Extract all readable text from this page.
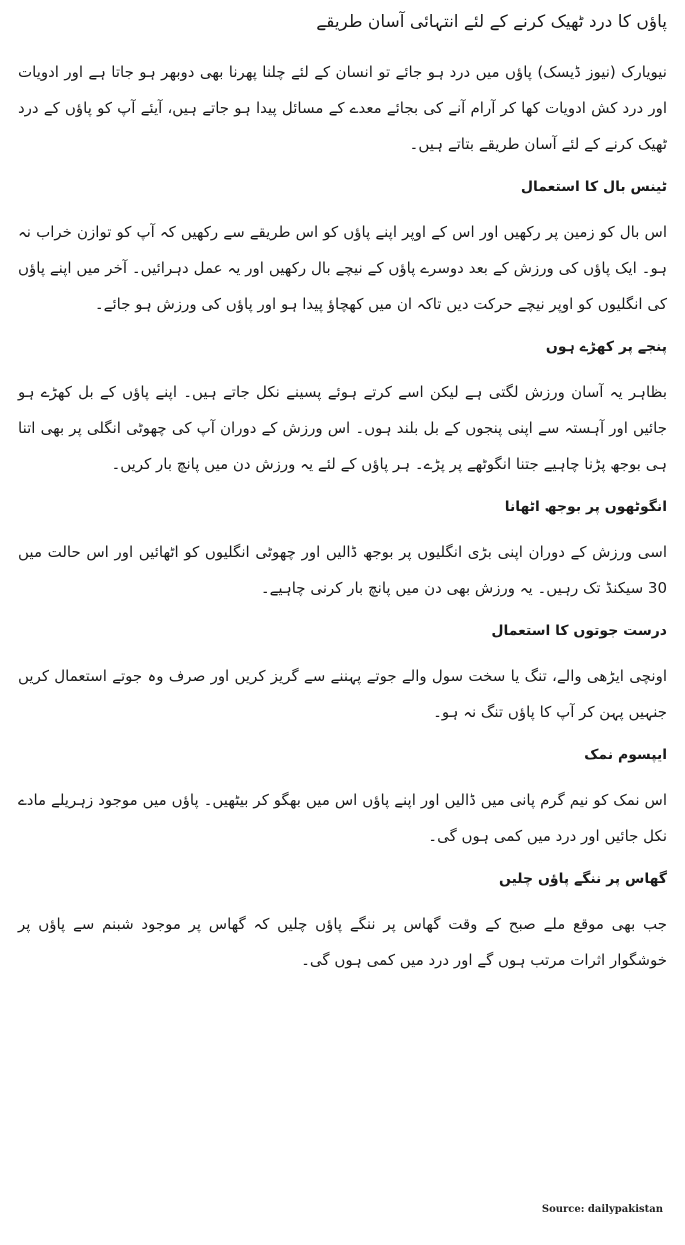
پاؤں کا درد ٹھیک کرنے کے لئے انتہائی آسان طریقے

نیویارک (نیوز ڈیسک) پاؤں میں درد ہو جائے تو انسان کے لئے چلنا پھرنا بھی دوبھر ہو جاتا ہے اور ادویات اور درد کش ادویات کھا کر آرام آنے کی بجائے معدے کے مسائل پیدا ہو جاتے ہیں، آیئے آپ کو پاؤں کے درد ٹھیک کرنے کے لئے آسان طریقے بتاتے ہیں۔

ٹینس بال کا استعمال

اس بال کو زمین پر رکھیں اور اس کے اوپر اپنے پاؤں کو اس طریقے سے رکھیں کہ آپ کو توازن خراب نہ ہو۔ ایک پاؤں کی ورزش کے بعد دوسرے پاؤں کے نیچے بال رکھیں اور یہ عمل دہرائیں۔ آخر میں اپنے پاؤں کی انگلیوں کو اوپر نیچے حرکت دیں تاکہ ان میں کھچاؤ پیدا ہو اور پاؤں کی ورزش ہو جائے۔

پنجے پر کھڑے ہوں

بظاہر یہ آسان ورزش لگتی ہے لیکن اسے کرتے ہوئے پسینے نکل جاتے ہیں۔ اپنے پاؤں کے بل کھڑے ہو جائیں اور آہستہ سے اپنی پنجوں کے بل بلند ہوں۔ اس ورزش کے دوران آپ کی چھوٹی انگلی پر بھی اتنا ہی بوجھ پڑنا چاہیے جتنا انگوٹھے پر پڑے۔ ہر پاؤں کے لئے یہ ورزش دن میں پانچ بار کریں۔

انگوٹھوں پر بوجھ اٹھانا

اسی ورزش کے دوران اپنی بڑی انگلیوں پر بوجھ ڈالیں اور چھوٹی انگلیوں کو اٹھائیں اور اس حالت میں 30 سیکنڈ تک رہیں۔ یہ ورزش بھی دن میں پانچ بار کرنی چاہیے۔

درست جوتوں کا استعمال

اونچی ایڑھی والے، تنگ یا سخت سول والے جوتے پہننے سے گریز کریں اور صرف وہ جوتے استعمال کریں جنہیں پہن کر آپ کا پاؤں تنگ نہ ہو۔

ایپسوم نمک

اس نمک کو نیم گرم پانی میں ڈالیں اور اپنے پاؤں اس میں بھگو کر بیٹھیں۔ پاؤں میں موجود زہریلے مادے نکل جائیں اور درد میں کمی ہوں گی۔

گھاس پر ننگے پاؤں چلیں

جب بھی موقع ملے صبح کے وقت گھاس پر ننگے پاؤں چلیں کہ گھاس پر موجود شبنم سے پاؤں پر خوشگوار اثرات مرتب ہوں گے اور درد میں کمی ہوں گی۔

Source: dailypakistan
